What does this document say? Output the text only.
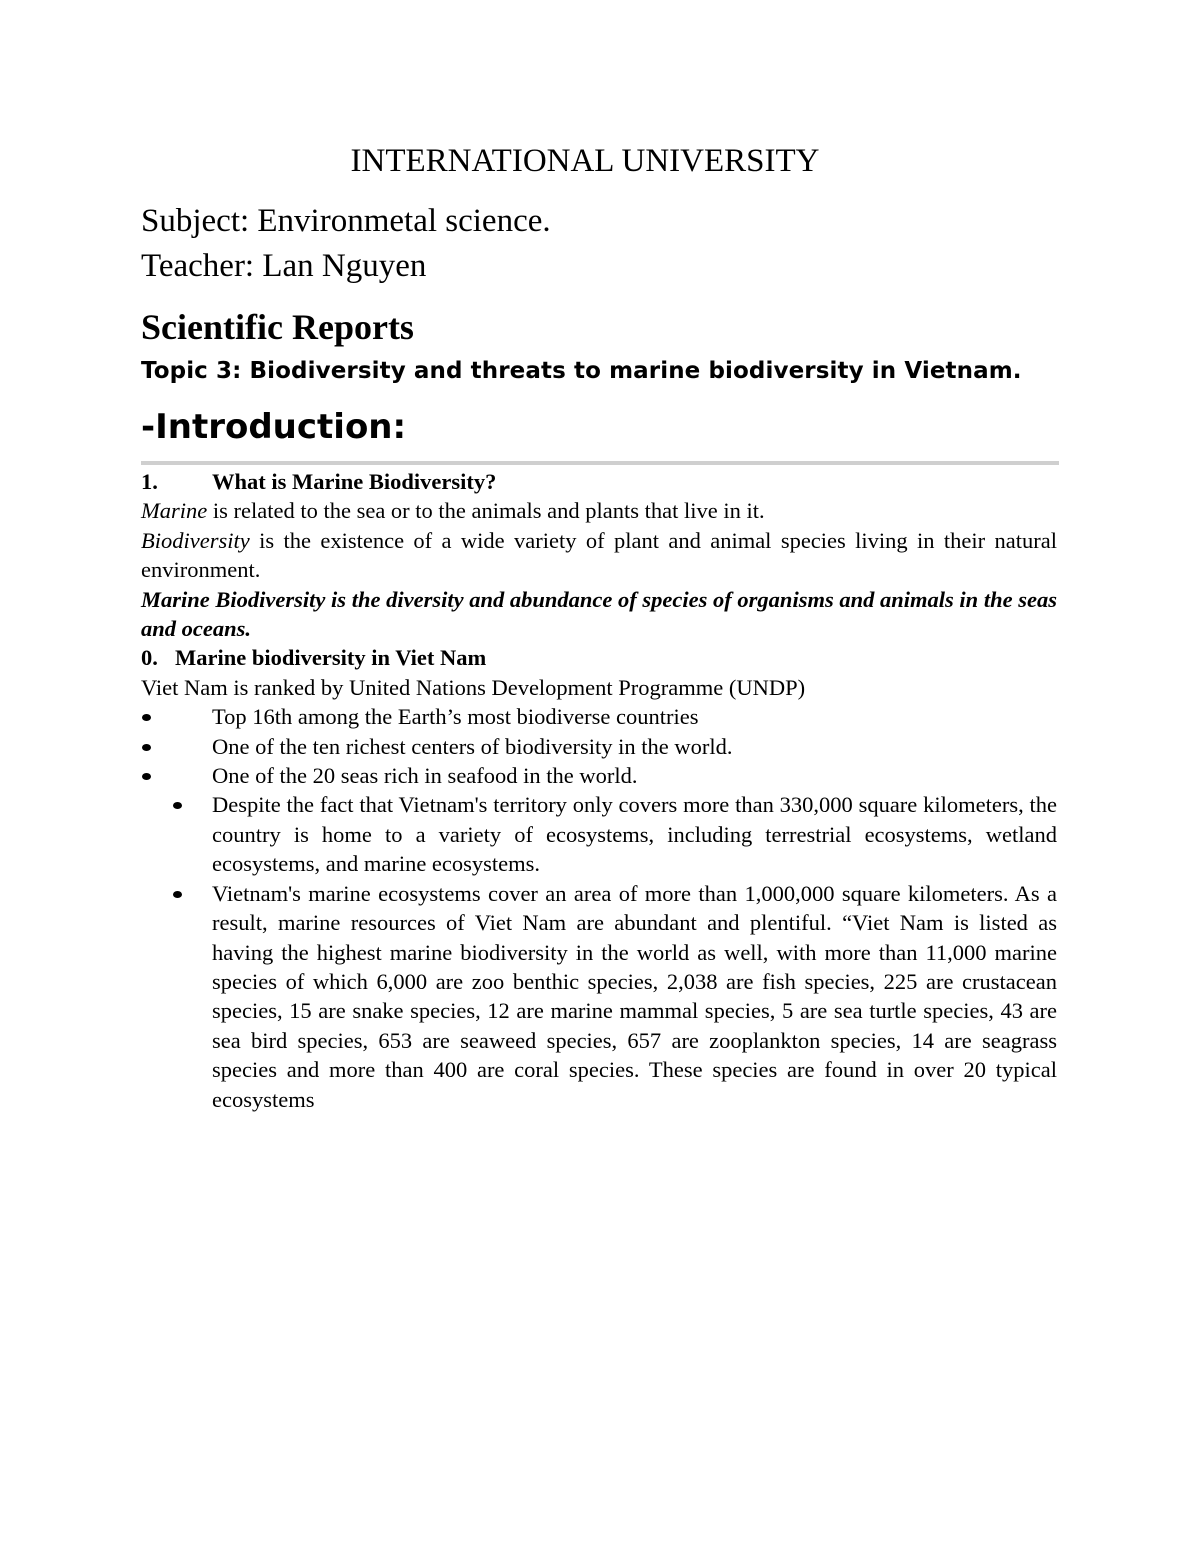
INTERNATIONAL UNIVERSITY
Subject: Environmetal science.
Teacher: Lan Nguyen
Scientific Reports
Topic 3: Biodiversity and threats to marine biodiversity in Vietnam.
-Introduction:
1.	What is Marine Biodiversity?

Marine is related to the sea or to the animals and plants that live in it.

Biodiversity is the existence of a wide variety of plant and animal species living in their natural environment.

Marine Biodiversity is the diversity and abundance of species of organisms and animals in the seas and oceans.

0. Marine biodiversity in Viet Nam

Viet Nam is ranked by United Nations Development Programme (UNDP)

Top 16th among the Earth’s most biodiverse countries
One of the ten richest centers of biodiversity in the world.
One of the 20 seas rich in seafood in the world.
Despite the fact that Vietnam's territory only covers more than 330,000 square kilometers, the country is home to a variety of ecosystems, including terrestrial ecosystems, wetland ecosystems, and marine ecosystems.
Vietnam's marine ecosystems cover an area of more than 1,000,000 square kilometers. As a result, marine resources of Viet Nam are abundant and plentiful. “Viet Nam is listed as having the highest marine biodiversity in the world as well, with more than 11,000 marine species of which 6,000 are zoo benthic species, 2,038 are fish species, 225 are crustacean species, 15 are snake species, 12 are marine mammal species, 5 are sea turtle species, 43 are sea bird species, 653 are seaweed species, 657 are zooplankton species, 14 are seagrass species and more than 400 are coral species. These species are found in over 20 typical ecosystems
